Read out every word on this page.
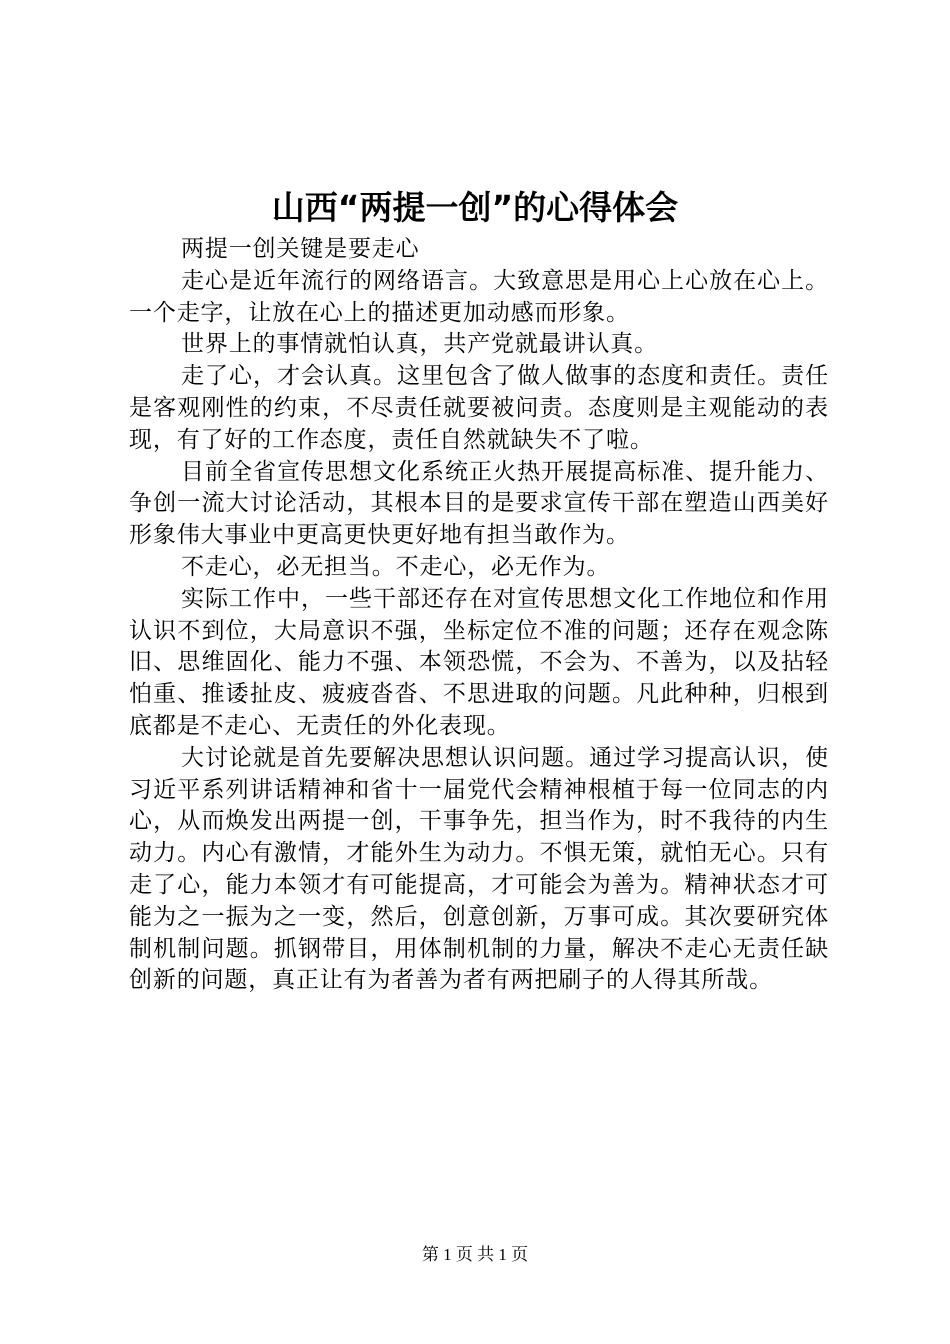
山西“两提一创”的心得体会

两提一创关键是要走心

走心是近年流行的网络语言。大致意思是用心上心放在心上。一个走字，让放在心上的描述更加动感而形象。

世界上的事情就怕认真，共产党就最讲认真。

走了心，才会认真。这里包含了做人做事的态度和责任。责任是客观刚性的约束，不尽责任就要被问责。态度则是主观能动的表现，有了好的工作态度，责任自然就缺失不了啦。

目前全省宣传思想文化系统正火热开展提高标准、提升能力、争创一流大讨论活动，其根本目的是要求宣传干部在塑造山西美好形象伟大事业中更高更快更好地有担当敢作为。

不走心，必无担当。不走心，必无作为。

实际工作中，一些干部还存在对宣传思想文化工作地位和作用认识不到位，大局意识不强，坐标定位不准的问题；还存在观念陈旧、思维固化、能力不强、本领恐慌，不会为、不善为，以及拈轻怕重、推诿扯皮、疲疲沓沓、不思进取的问题。凡此种种，归根到底都是不走心、无责任的外化表现。

大讨论就是首先要解决思想认识问题。通过学习提高认识，使习近平系列讲话精神和省十一届党代会精神根植于每一位同志的内心，从而焕发出两提一创，干事争先，担当作为，时不我待的内生动力。内心有激情，才能外生为动力。不惧无策，就怕无心。只有走了心，能力本领才有可能提高，才可能会为善为。精神状态才可能为之一振为之一变，然后，创意创新，万事可成。其次要研究体制机制问题。抓钢带目，用体制机制的力量，解决不走心无责任缺创新的问题，真正让有为者善为者有两把刷子的人得其所哉。

第 1 页 共 1 页
